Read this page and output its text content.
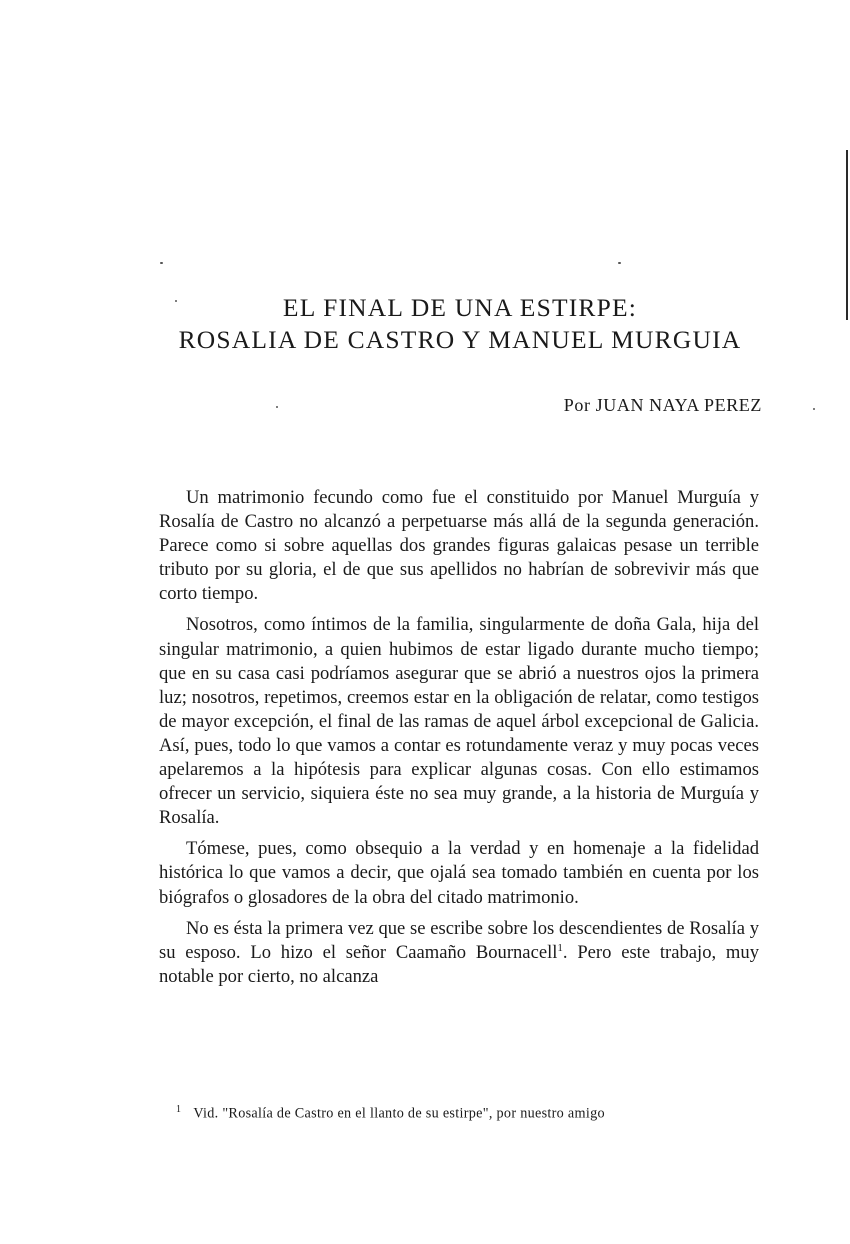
EL FINAL DE UNA ESTIRPE:
ROSALIA DE CASTRO Y MANUEL MURGUIA
Por JUAN NAYA PEREZ

Un matrimonio fecundo como fue el constituido por Manuel Murguía y Rosalía de Castro no alcanzó a perpetuarse más allá de la segunda generación. Parece como si sobre aquellas dos grandes figuras galaicas pesase un terrible tributo por su gloria, el de que sus apellidos no habrían de sobrevivir más que corto tiempo.

Nosotros, como íntimos de la familia, singularmente de doña Gala, hija del singular matrimonio, a quien hubimos de estar ligado durante mucho tiempo; que en su casa casi podríamos asegurar que se abrió a nuestros ojos la primera luz; nosotros, repetimos, creemos estar en la obligación de relatar, como testigos de mayor excepción, el final de las ramas de aquel árbol excepcional de Galicia. Así, pues, todo lo que vamos a contar es rotundamente veraz y muy pocas veces apelaremos a la hipótesis para explicar algunas cosas. Con ello estimamos ofrecer un servicio, siquiera éste no sea muy grande, a la historia de Murguía y Rosalía.

Tómese, pues, como obsequio a la verdad y en homenaje a la fidelidad histórica lo que vamos a decir, que ojalá sea tomado también en cuenta por los biógrafos o glosadores de la obra del citado matrimonio.

No es ésta la primera vez que se escribe sobre los descendientes de Rosalía y su esposo. Lo hizo el señor Caamaño Bournacell$^1$. Pero este trabajo, muy notable por cierto, no alcanza

1 Vid. "Rosalía de Castro en el llanto de su estirpe", por nuestro amigo
